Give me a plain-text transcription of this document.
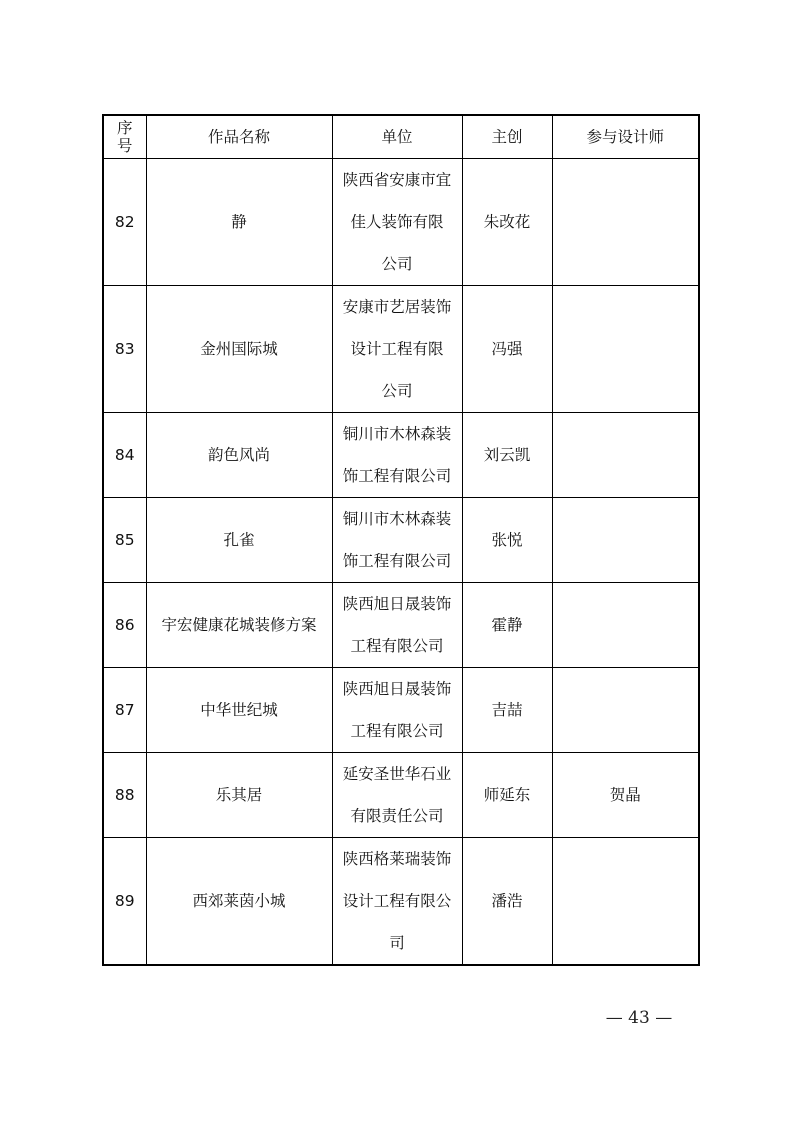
序
号	作品名称	单位	主创	参与设计师
82	静	陕西省安康市宜
佳人装饰有限
公司	朱改花	
83	金州国际城	安康市艺居装饰
设计工程有限
公司	冯强	
84	韵色风尚	铜川市木林森装
饰工程有限公司	刘云凯	
85	孔雀	铜川市木林森装
饰工程有限公司	张悦	
86	宇宏健康花城装修方案	陕西旭日晟装饰
工程有限公司	霍静	
87	中华世纪城	陕西旭日晟装饰
工程有限公司	吉喆	
88	乐其居	延安圣世华石业
有限责任公司	师延东	贺晶
89	西郊莱茵小城	陕西格莱瑞装饰
设计工程有限公
司	潘浩	
— 43 —
